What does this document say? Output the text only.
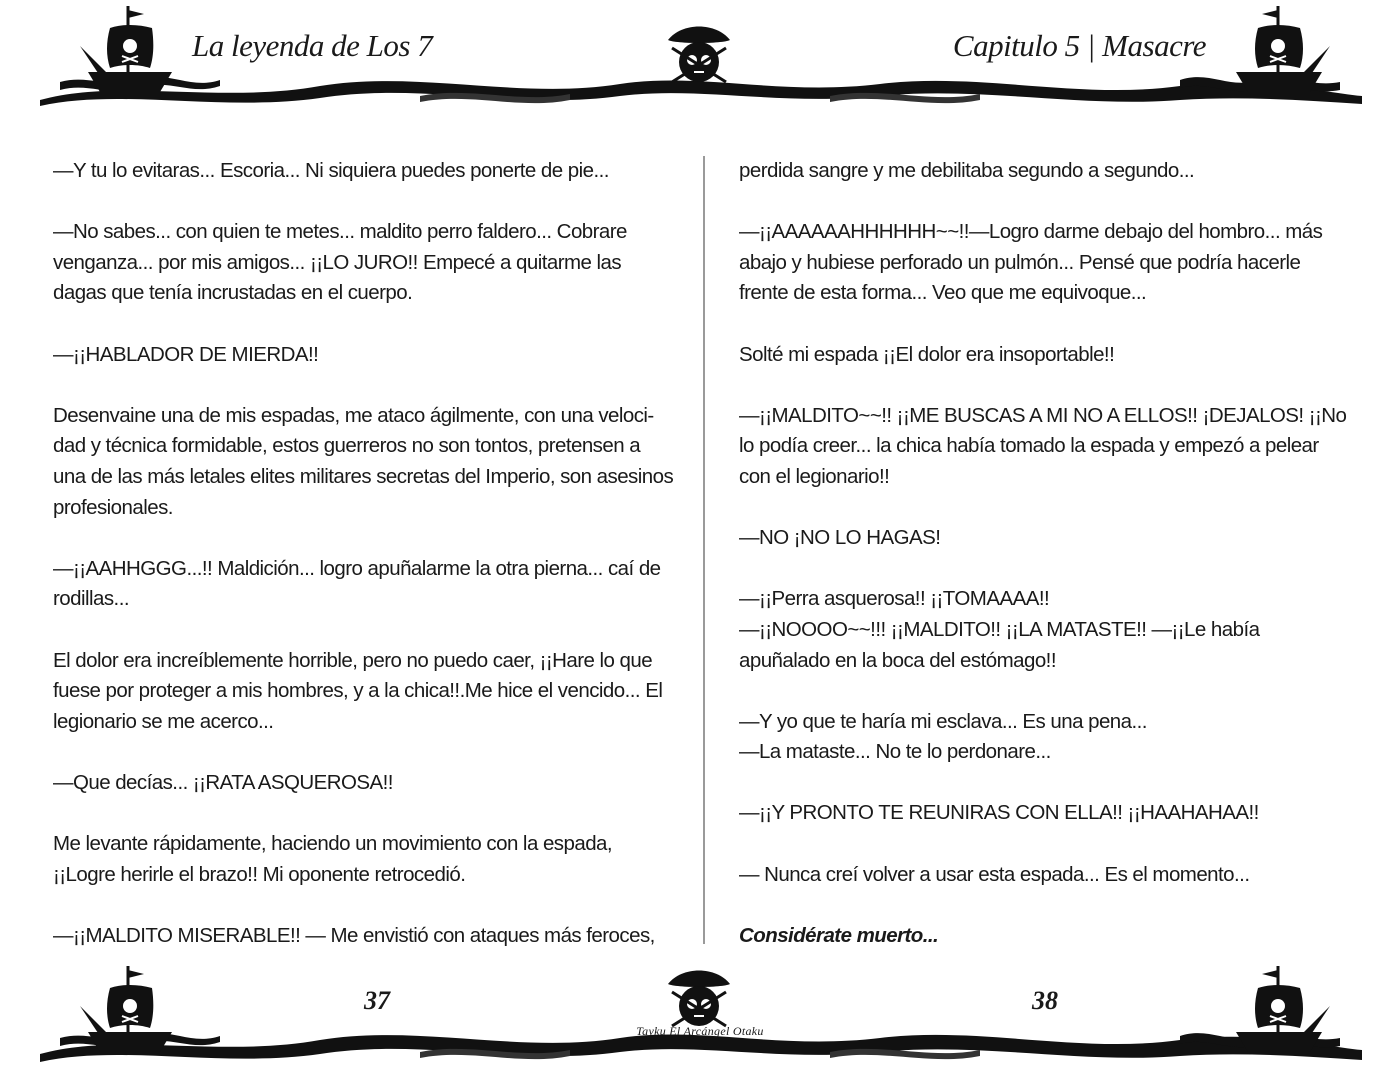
La leyenda de Los 7	Capitulo 5 | Masacre

—Y tu lo evitaras... Escoria... Ni siquiera puedes ponerte de pie...

—No sabes... con quien te metes... maldito perro faldero... Cobrare venganza... por mis amigos... ¡¡LO JURO!! Empecé a quitarme las dagas que tenía incrustadas en el cuerpo.

—¡¡HABLADOR DE MIERDA!!

Desenvaine una de mis espadas, me ataco ágilmente, con una veloci-dad y técnica formidable, estos guerreros no son tontos, pretensen a una de las más letales elites militares secretas del Imperio, son asesinos profesionales.

—¡¡AAHHGGG...!! Maldición... logro apuñalarme la otra pierna... caí de rodillas...

El dolor era increíblemente horrible, pero no puedo caer, ¡¡Hare lo que fuese por proteger a mis hombres, y a la chica!!.Me hice el vencido... El legionario se me acerco...

—Que decías... ¡¡RATA ASQUEROSA!!

Me levante rápidamente, haciendo un movimiento con la espada, ¡¡Logre herirle el brazo!! Mi oponente retrocedió.

—¡¡MALDITO MISERABLE!! — Me envistió con ataques más feroces,

perdida sangre y me debilitaba segundo a segundo...

—¡¡AAAAAAHHHHHH~~!!—Logro darme debajo del hombro... más abajo y hubiese perforado un pulmón... Pensé que podría hacerle frente de esta forma... Veo que me equivoque...

Solté mi espada ¡¡El dolor era insoportable!!

—¡¡MALDITO~~!! ¡¡ME BUSCAS A MI NO A ELLOS!! ¡DEJALOS! ¡¡No lo podía creer... la chica había tomado la espada y empezó a pelear con el legionario!!

—NO ¡NO LO HAGAS!

—¡¡Perra asquerosa!! ¡¡TOMAAAA!!

—¡¡NOOOO~~!!! ¡¡MALDITO!! ¡¡LA MATASTE!! —¡¡Le había apuñalado en la boca del estómago!!

—Y yo que te haría mi esclava... Es una pena...

—La mataste... No te lo perdonare...

—¡¡Y PRONTO TE REUNIRAS CON ELLA!! ¡¡HAAHAHAA!!

— Nunca creí volver a usar esta espada... Es el momento...

Considérate muerto...

37	38
Tayku El Arcángel Otaku
